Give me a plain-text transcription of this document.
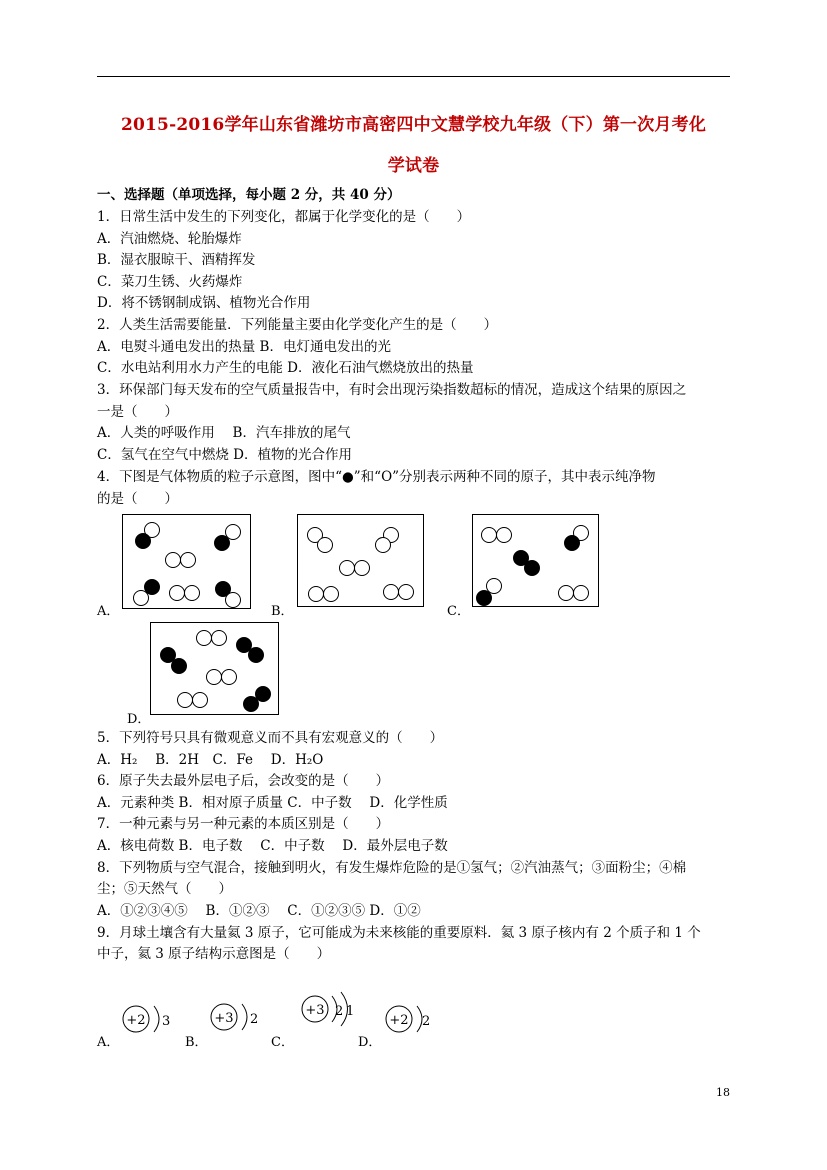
2015-2016学年山东省潍坊市高密四中文慧学校九年级（下）第一次月考化
学试卷
一、选择题（单项选择，每小题 2 分，共 40 分）
1．日常生活中发生的下列变化，都属于化学变化的是（　　）
A．汽油燃烧、轮胎爆炸
B．湿衣服晾干、酒精挥发
C．菜刀生锈、火药爆炸
D．将不锈钢制成锅、植物光合作用
2．人类生活需要能量．下列能量主要由化学变化产生的是（　　）
A．电熨斗通电发出的热量 B．电灯通电发出的光
C．水电站利用水力产生的电能 D．液化石油气燃烧放出的热量
3．环保部门每天发布的空气质量报告中，有时会出现污染指数超标的情况，造成这个结果的原因之
一是（　　）
A．人类的呼吸作用　 B．汽车排放的尾气
C．氢气在空气中燃烧 D．植物的光合作用
4．下图是气体物质的粒子示意图，图中“●”和“O”分别表示两种不同的原子，其中表示纯净物
的是（　　）
A．	B．	C．
D．
5．下列符号只具有微观意义而不具有宏观意义的（　　）
A．H₂　 B．2H　C．Fe　 D．H₂O
6．原子失去最外层电子后，会改变的是（　　）
A．元素种类 B．相对原子质量 C．中子数　 D．化学性质
7．一种元素与另一种元素的本质区别是（　　）
A．核电荷数 B．电子数　 C．中子数　 D．最外层电子数
8．下列物质与空气混合，接触到明火，有发生爆炸危险的是①氢气；②汽油蒸气；③面粉尘；④棉
尘；⑤天然气（　　）
A．①②③④⑤　 B．①②③　 C．①②③⑤ D．①②
9．月球土壤含有大量氦 3 原子，它可能成为未来核能的重要原料．氦 3 原子核内有 2 个质子和 1 个
中子，氦 3 原子结构示意图是（　　）
A．
+2 3
B．
+3 2
C．
+3 2 1
D．
+2 2
18
